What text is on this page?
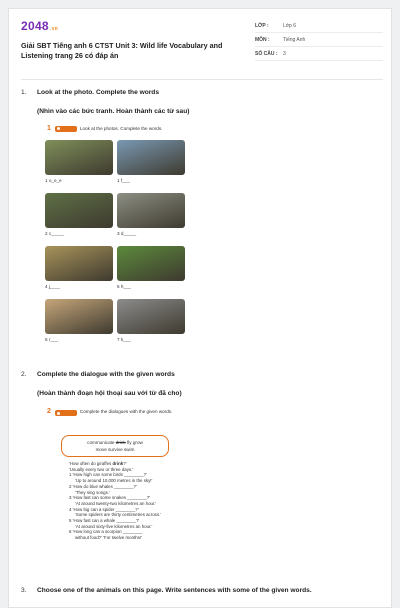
2048.vn
Giải SBT Tiếng anh 6 CTST Unit 3: Wild life Vocabulary and Listening trang 26 có đáp án
LỚP :	Lớp 6
MÔN :	Tiếng Anh
SỐ CÂU :	3
1. Look at the photo. Complete the words
(Nhìn vào các bức tranh. Hoàn thành các từ sau)
1	Look at the photos. Complete the words.
1 o_e_e	1 f___
2 c_____	3 d_____
4 j____	5 h___
6 r___	7 k___
2. Complete the dialogue with the given words
(Hoàn thành đoạn hội thoại sau với từ đã cho)
2	Complete the dialogues with the given words.
communicate drink fly grow
move survive swim
'How often do giraffes drink?'
'Usually every two or three days.'
1 'How high can some birds ________?'
'Up to around 10,000 metres in the sky!'
2 'How do blue whales ________?'
'They sing songs.'
3 'How fast can some snakes ________?'
'At around twenty-two kilometres an hour.'
4 'How big can a spider ________?'
'Some spiders are thirty centimetres across.'
5 'How fast can a whale ________?'
'At around sixty-five kilometres an hour.'
6 'How long can a scorpion ________
without food?' 'For twelve months!'
3. Choose one of the animals on this page. Write sentences with some of the given words.
